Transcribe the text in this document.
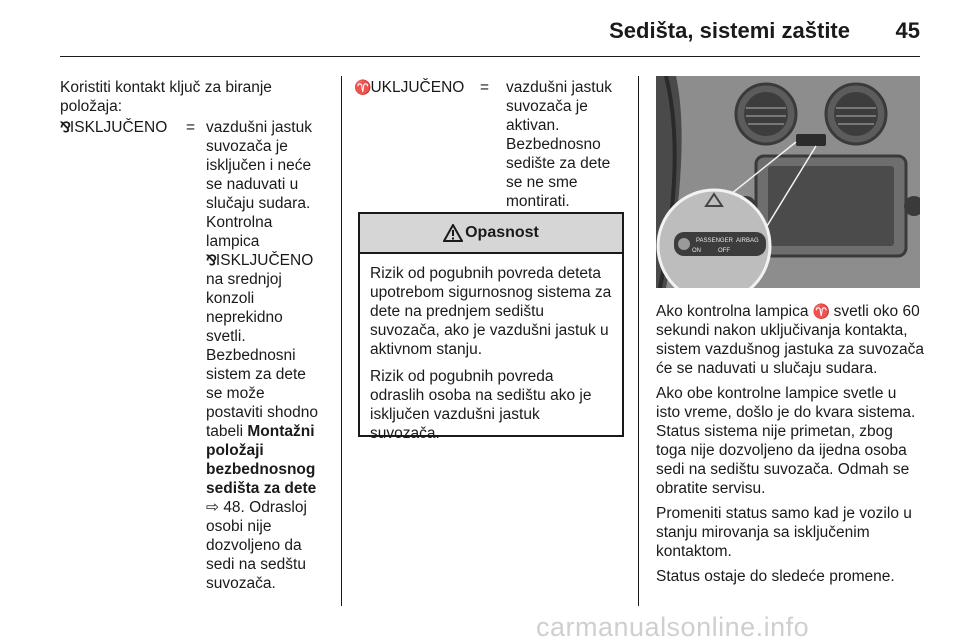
Sedišta, sistemi zaštite	45
Koristiti kontakt ključ za biranje položaja:
⅋ISKLJUČENO = vazdušni jastuk

suvozača je

isključen i neće

se naduvati u

slučaju sudara.

Kontrolna

lampica

⅋ISKLJUČENO

na srednjoj

konzoli

neprekidno

svetli.

Bezbednosni

sistem za dete

se može

postaviti shodno

tabeli Montažni

položaji

bezbednosnog

sedišta za dete

⇨ 48. Odrasloj

osobi nije

dozvoljeno da

sedi na sedštu

suvozača.

♈UKLJUČENO = vazdušni jastuk

suvozača je

aktivan.

Bezbednosno

sedište za dete

se ne sme

montirati.

Opasnost

Rizik od pogubnih povreda deteta upotrebom sigurnosnog sistema za dete na prednjem sedištu suvozača, ako je vazdušni jastuk u aktivnom stanju.

Rizik od pogubnih povreda odraslih osoba na sedištu ako je isključen vazdušni jastuk suvozača.

PASSENGER AIRBAG
ON	OFF

Ako kontrolna lampica ♈ svetli oko 60 sekundi nakon uključivanja kontakta, sistem vazdušnog jastuka za suvozača će se naduvati u slučaju sudara.

Ako obe kontrolne lampice svetle u isto vreme, došlo je do kvara sistema. Status sistema nije primetan, zbog toga nije dozvoljeno da ijedna osoba sedi na sedištu suvozača. Odmah se obratite servisu.

Promeniti status samo kad je vozilo u stanju mirovanja sa isključenim kontaktom.

Status ostaje do sledeće promene.

carmanualsonline.info
